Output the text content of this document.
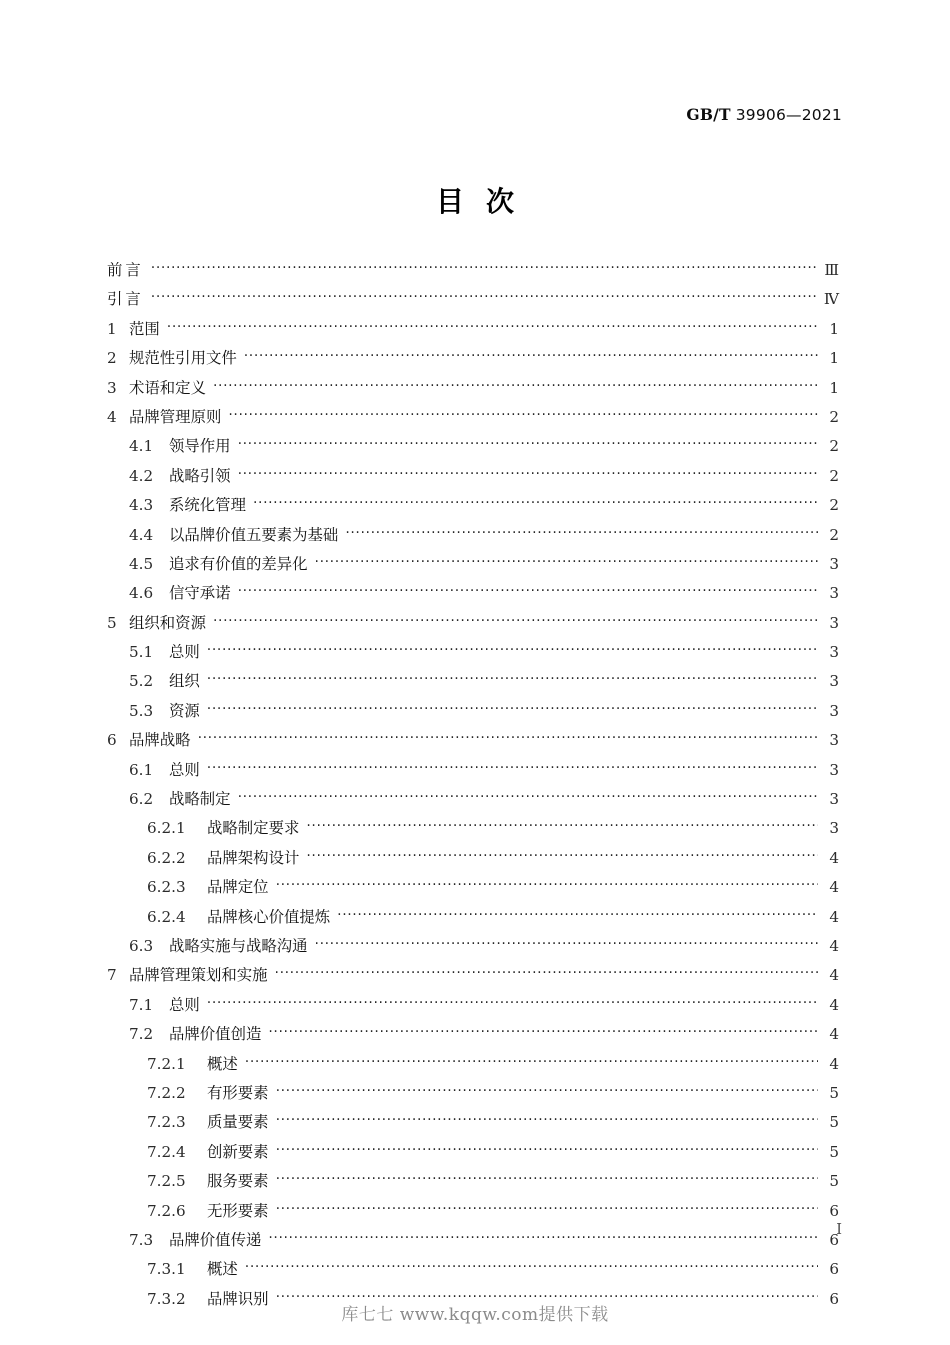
GB/T 39906—2021
目次
前言 ·····	Ⅲ
引言 ·····	Ⅳ
1 范围 ·····	1
2 规范性引用文件 ·····	1
3 术语和定义 ·····	1
4 品牌管理原则 ·····	2
4.1	领导作用 ·····	2
4.2	战略引领 ·····	2
4.3	系统化管理 ·····	2
4.4	以品牌价值五要素为基础 ·····	2
4.5	追求有价值的差异化 ·····	3
4.6	信守承诺 ·····	3
5 组织和资源 ·····	3
5.1	总则 ·····	3
5.2	组织 ·····	3
5.3	资源 ·····	3
6 品牌战略 ·····	3
6.1	总则 ·····	3
6.2	战略制定 ·····	3
6.2.1	战略制定要求 ·····	3
6.2.2	品牌架构设计 ·····	4
6.2.3	品牌定位 ·····	4
6.2.4	品牌核心价值提炼 ·····	4
6.3	战略实施与战略沟通 ·····	4
7 品牌管理策划和实施 ·····	4
7.1	总则 ·····	4
7.2	品牌价值创造 ·····	4
7.2.1	概述 ·····	4
7.2.2	有形要素 ·····	5
7.2.3	质量要素 ·····	5
7.2.4	创新要素 ·····	5
7.2.5	服务要素 ·····	5
7.2.6	无形要素 ·····	6
7.3	品牌价值传递 ·····	6
7.3.1	概述 ·····	6
7.3.2	品牌识别 ·····	6
I
库七七 www.kqqw.com提供下载
